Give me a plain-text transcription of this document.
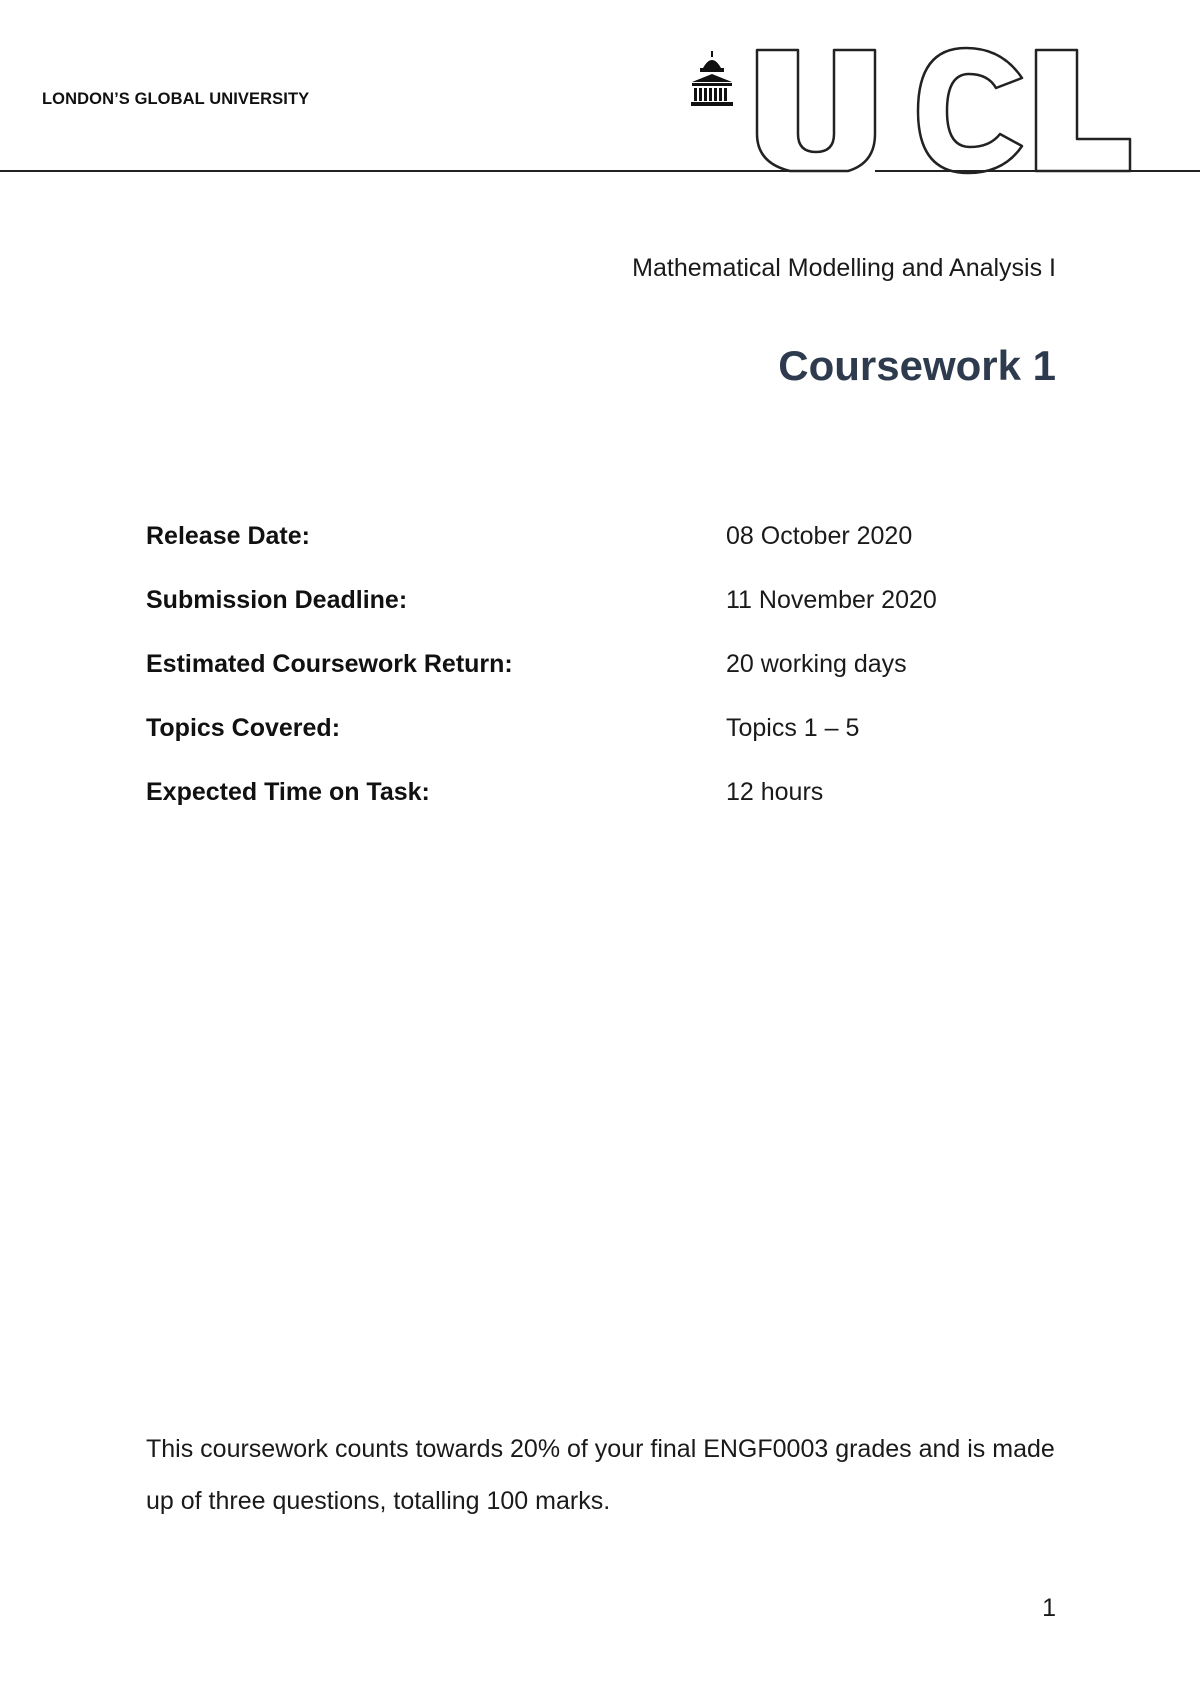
LONDON’S GLOBAL UNIVERSITY
Mathematical Modelling and Analysis I
Coursework 1
Release Date:	08 October 2020
Submission Deadline:	11 November 2020
Estimated Coursework Return:	20 working days
Topics Covered:	Topics 1 – 5
Expected Time on Task:	12 hours

This coursework counts towards 20% of your final ENGF0003 grades and is made up of three questions, totalling 100 marks.

1
